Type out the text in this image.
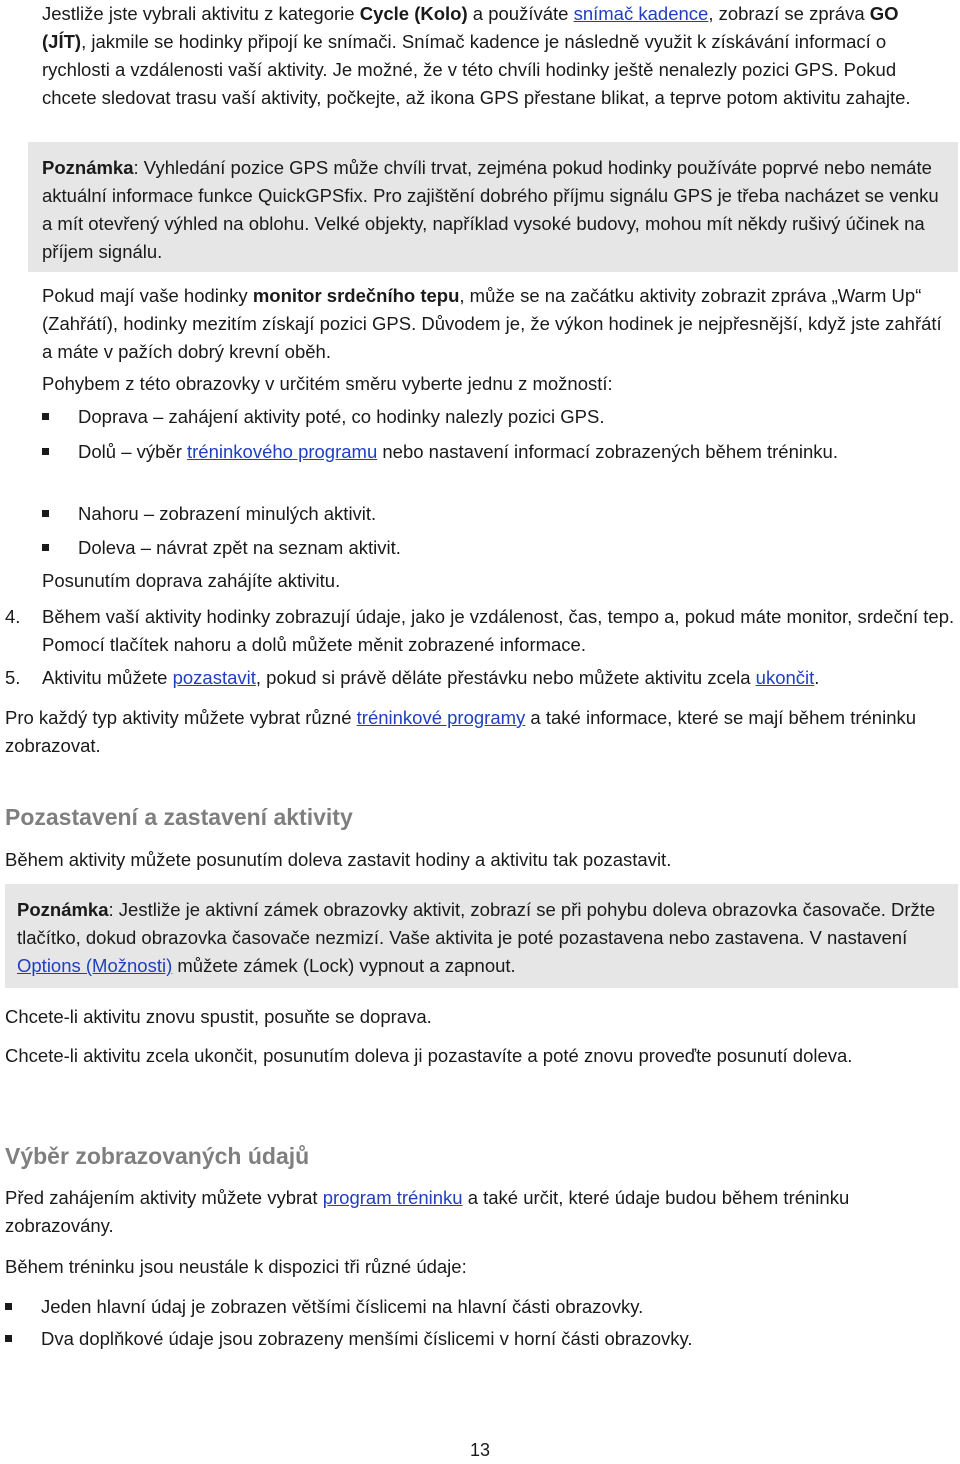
Jestliže jste vybrali aktivitu z kategorie Cycle (Kolo) a používáte snímač kadence, zobrazí se zpráva GO (JÍT), jakmile se hodinky připojí ke snímači. Snímač kadence je následně využit k získávání informací o rychlosti a vzdálenosti vaší aktivity. Je možné, že v této chvíli hodinky ještě nenalezly pozici GPS. Pokud chcete sledovat trasu vaší aktivity, počkejte, až ikona GPS přestane blikat, a teprve potom aktivitu zahajte.

Poznámka: Vyhledání pozice GPS může chvíli trvat, zejména pokud hodinky používáte poprvé nebo nemáte aktuální informace funkce QuickGPSfix. Pro zajištění dobrého příjmu signálu GPS je třeba nacházet se venku a mít otevřený výhled na oblohu. Velké objekty, například vysoké budovy, mohou mít někdy rušivý účinek na příjem signálu.

Pokud mají vaše hodinky monitor srdečního tepu, může se na začátku aktivity zobrazit zpráva „Warm Up“ (Zahřátí), hodinky mezitím získají pozici GPS. Důvodem je, že výkon hodinek je nejpřesnější, když jste zahřátí a máte v pažích dobrý krevní oběh.

Pohybem z této obrazovky v určitém směru vyberte jednu z možností:

Doprava – zahájení aktivity poté, co hodinky nalezly pozici GPS.
Dolů – výběr tréninkového programu nebo nastavení informací zobrazených během tréninku.
Nahoru – zobrazení minulých aktivit.
Doleva – návrat zpět na seznam aktivit.

Posunutím doprava zahájíte aktivitu.

4. Během vaší aktivity hodinky zobrazují údaje, jako je vzdálenost, čas, tempo a, pokud máte monitor, srdeční tep. Pomocí tlačítek nahoru a dolů můžete měnit zobrazené informace.

5. Aktivitu můžete pozastavit, pokud si právě děláte přestávku nebo můžete aktivitu zcela ukončit.

Pro každý typ aktivity můžete vybrat různé tréninkové programy a také informace, které se mají během tréninku zobrazovat.

Pozastavení a zastavení aktivity

Během aktivity můžete posunutím doleva zastavit hodiny a aktivitu tak pozastavit.

Poznámka: Jestliže je aktivní zámek obrazovky aktivit, zobrazí se při pohybu doleva obrazovka časovače. Držte tlačítko, dokud obrazovka časovače nezmizí. Vaše aktivita je poté pozastavena nebo zastavena. V nastavení Options (Možnosti) můžete zámek (Lock) vypnout a zapnout.

Chcete-li aktivitu znovu spustit, posuňte se doprava.

Chcete-li aktivitu zcela ukončit, posunutím doleva ji pozastavíte a poté znovu proveďte posunutí doleva.

Výběr zobrazovaných údajů

Před zahájením aktivity můžete vybrat program tréninku a také určit, které údaje budou během tréninku zobrazovány.

Během tréninku jsou neustále k dispozici tři různé údaje:

Jeden hlavní údaj je zobrazen většími číslicemi na hlavní části obrazovky.
Dva doplňkové údaje jsou zobrazeny menšími číslicemi v horní části obrazovky.
13
